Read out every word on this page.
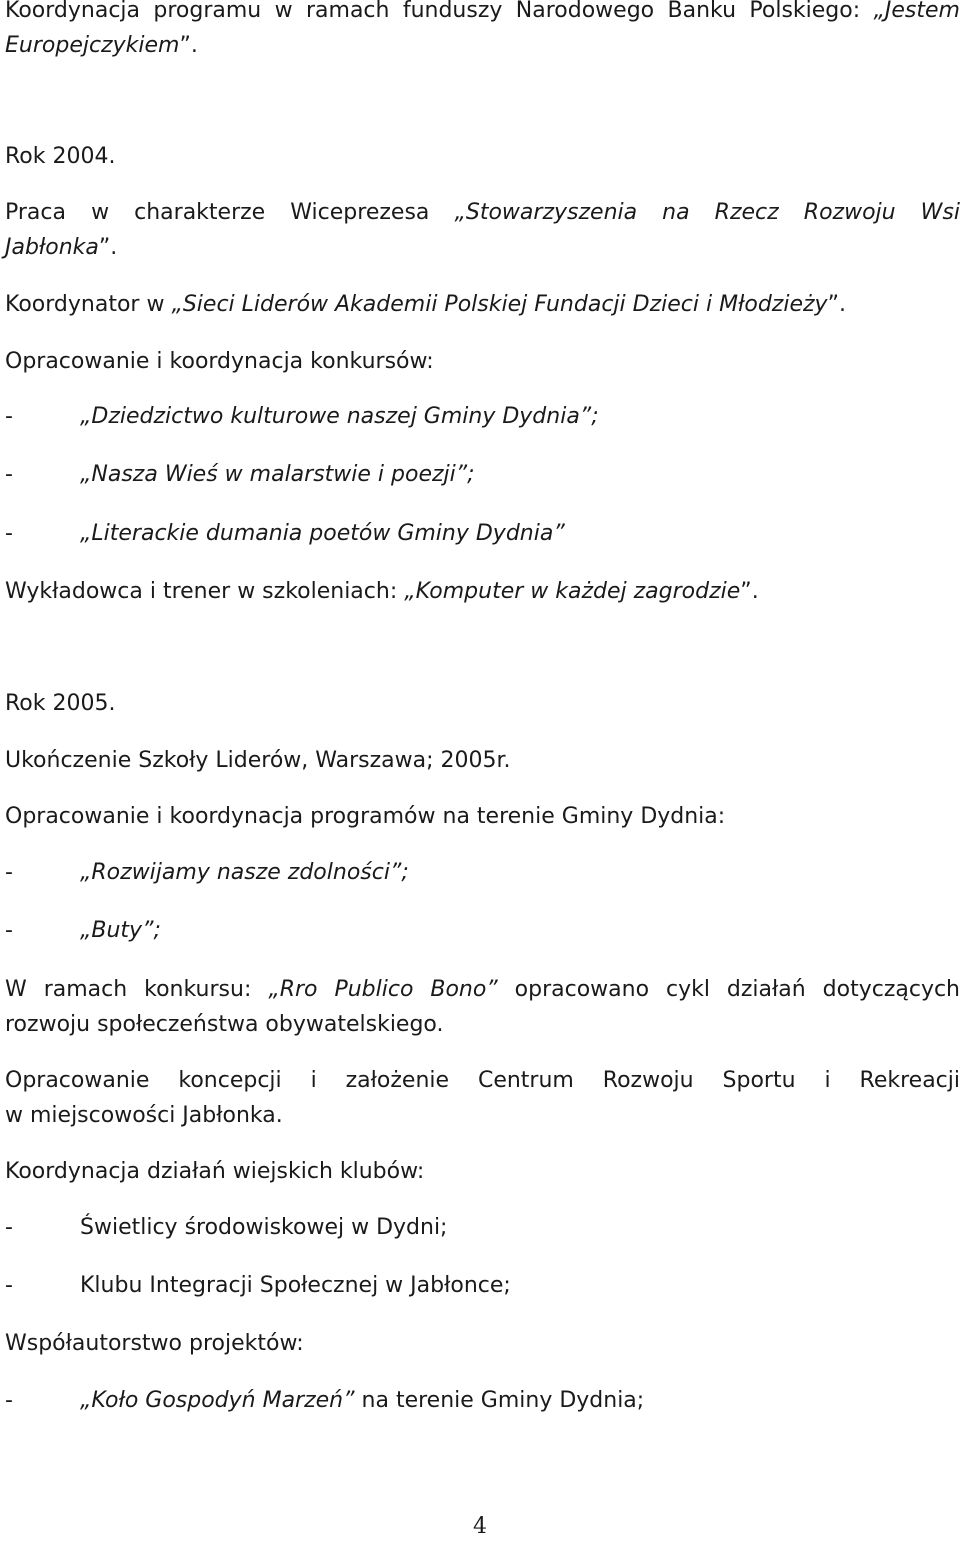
Koordynacja programu w ramach funduszy Narodowego Banku Polskiego: „Jestem

Europejczykiem”.

Rok 2004.

Praca w charakterze Wiceprezesa „Stowarzyszenia na Rzecz Rozwoju Wsi

Jabłonka”.

Koordynator w „Sieci Liderów Akademii Polskiej Fundacji Dzieci i Młodzieży”.

Opracowanie i koordynacja konkursów:

-	„Dziedzictwo kulturowe naszej Gminy Dydnia”;
-	„Nasza Wieś w malarstwie i poezji”;
-	„Literackie dumania poetów Gminy Dydnia”

Wykładowca i trener w szkoleniach: „Komputer w każdej zagrodzie”.

Rok 2005.

Ukończenie Szkoły Liderów, Warszawa; 2005r.

Opracowanie i koordynacja programów na terenie Gminy Dydnia:

-	„Rozwijamy nasze zdolności”;
-	„Buty”;

W ramach konkursu: „Rro Publico Bono” opracowano cykl działań dotyczących

rozwoju społeczeństwa obywatelskiego.

Opracowanie koncepcji i założenie Centrum Rozwoju Sportu i Rekreacji

w miejscowości Jabłonka.

Koordynacja działań wiejskich klubów:

-	Świetlicy środowiskowej w Dydni;
-	Klubu Integracji Społecznej w Jabłonce;

Współautorstwo projektów:

-	„Koło Gospodyń Marzeń” na terenie Gminy Dydnia;
4
